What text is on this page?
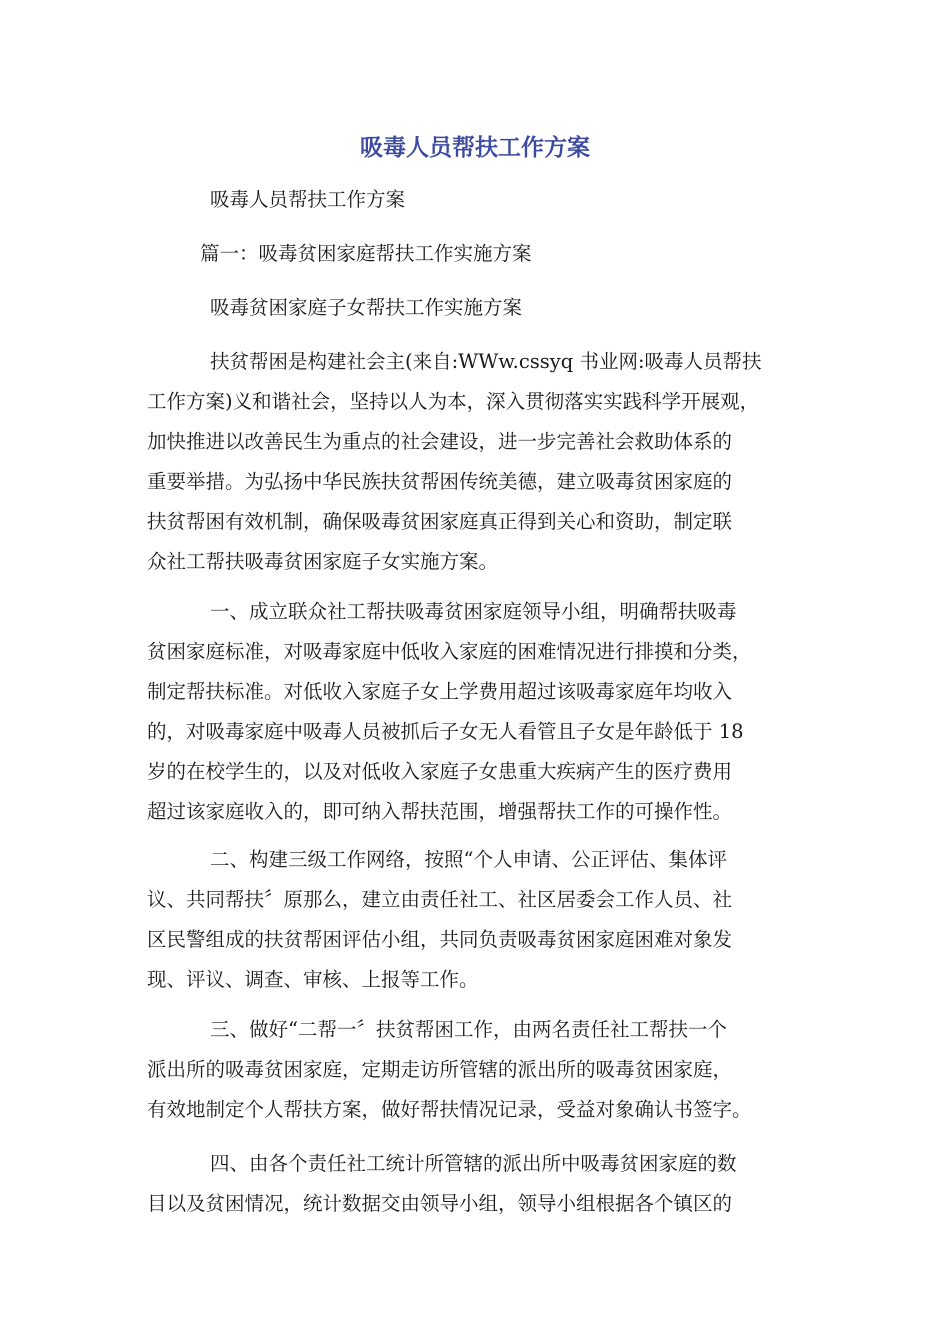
吸毒人员帮扶工作方案

吸毒人员帮扶工作方案

篇一：吸毒贫困家庭帮扶工作实施方案

吸毒贫困家庭子女帮扶工作实施方案

扶贫帮困是构建社会主(来自:WWw.cssyq 书业网:吸毒人员帮扶

工作方案)义和谐社会，坚持以人为本，深入贯彻落实实践科学开展观，

加快推进以改善民生为重点的社会建设，进一步完善社会救助体系的

重要举措。为弘扬中华民族扶贫帮困传统美德，建立吸毒贫困家庭的

扶贫帮困有效机制，确保吸毒贫困家庭真正得到关心和资助，制定联

众社工帮扶吸毒贫困家庭子女实施方案。

一、成立联众社工帮扶吸毒贫困家庭领导小组，明确帮扶吸毒

贫困家庭标准，对吸毒家庭中低收入家庭的困难情况进行排摸和分类，

制定帮扶标准。对低收入家庭子女上学费用超过该吸毒家庭年均收入

的，对吸毒家庭中吸毒人员被抓后子女无人看管且子女是年龄低于 18

岁的在校学生的，以及对低收入家庭子女患重大疾病产生的医疗费用

超过该家庭收入的，即可纳入帮扶范围，增强帮扶工作的可操作性。

二、构建三级工作网络，按照“个人申请、公正评估、集体评

议、共同帮扶〞原那么，建立由责任社工、社区居委会工作人员、社

区民警组成的扶贫帮困评估小组，共同负责吸毒贫困家庭困难对象发

现、评议、调查、审核、上报等工作。

三、做好“二帮一〞扶贫帮困工作，由两名责任社工帮扶一个

派出所的吸毒贫困家庭，定期走访所管辖的派出所的吸毒贫困家庭，

有效地制定个人帮扶方案，做好帮扶情况记录，受益对象确认书签字。

四、由各个责任社工统计所管辖的派出所中吸毒贫困家庭的数

目以及贫困情况，统计数据交由领导小组，领导小组根据各个镇区的
